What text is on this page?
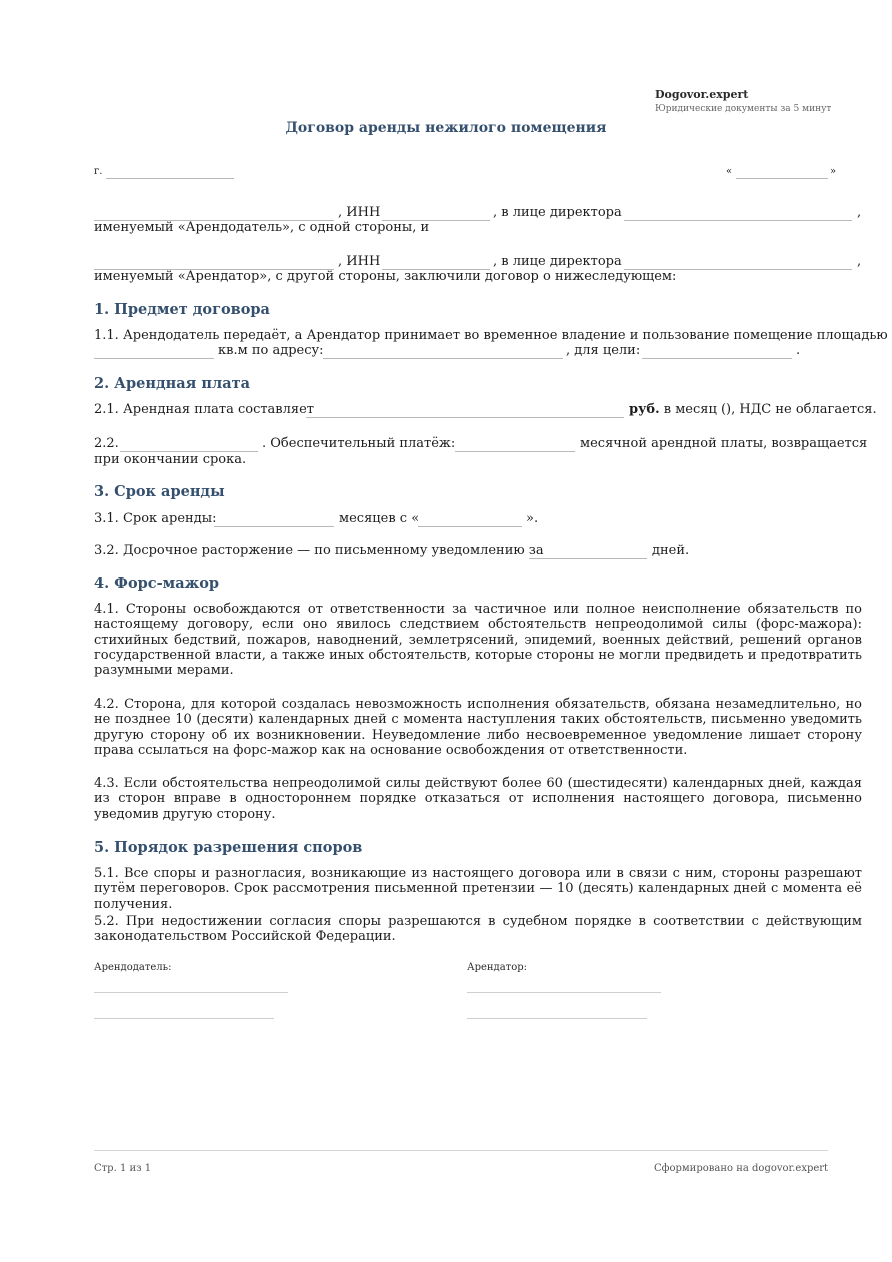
Dogovor.expert
Юридические документы за 5 минут
Договор аренды нежилого помещения
г.	«	»
, ИНН	, в лице директора	,
именуемый «Арендодатель», с одной стороны, и
, ИНН	, в лице директора	,
именуемый «Арендатор», с другой стороны, заключили договор о нижеследующем:
1. Предмет договора
1.1. Арендодатель передаёт, а Арендатор принимает во временное владение и пользование помещение площадью
кв.м по адресу:	, для цели:	.
2. Арендная плата
2.1. Арендная плата составляет	руб. в месяц (), НДС не облагается.
2.2.	. Обеспечительный платёж:	месячной арендной платы, возвращается
при окончании срока.
3. Срок аренды
3.1. Срок аренды:	месяцев с «	».
3.2. Досрочное расторжение — по письменному уведомлению за	дней.
4. Форс-мажор
4.1. Стороны освобождаются от ответственности за частичное или полное неисполнение обязательств по настоящему договору, если оно явилось следствием обстоятельств непреодолимой силы (форс-мажора): стихийных бедствий, пожаров, наводнений, землетрясений, эпидемий, военных действий, решений органов государственной власти, а также иных обстоятельств, которые стороны не могли предвидеть и предотвратить разумными мерами.
4.2. Сторона, для которой создалась невозможность исполнения обязательств, обязана незамедлительно, но не позднее 10 (десяти) календарных дней с момента наступления таких обстоятельств, письменно уведомить другую сторону об их возникновении. Неуведомление либо несвоевременное уведомление лишает сторону права ссылаться на форс-мажор как на основание освобождения от ответственности.
4.3. Если обстоятельства непреодолимой силы действуют более 60 (шестидесяти) календарных дней, каждая из сторон вправе в одностороннем порядке отказаться от исполнения настоящего договора, письменно уведомив другую сторону.
5. Порядок разрешения споров
5.1. Все споры и разногласия, возникающие из настоящего договора или в связи с ним, стороны разрешают путём переговоров. Срок рассмотрения письменной претензии — 10 (десять) календарных дней с момента её получения.
5.2. При недостижении согласия споры разрешаются в судебном порядке в соответствии с действующим законодательством Российской Федерации.
Арендодатель:	Арендатор:
Стр. 1 из 1	Сформировано на dogovor.expert
